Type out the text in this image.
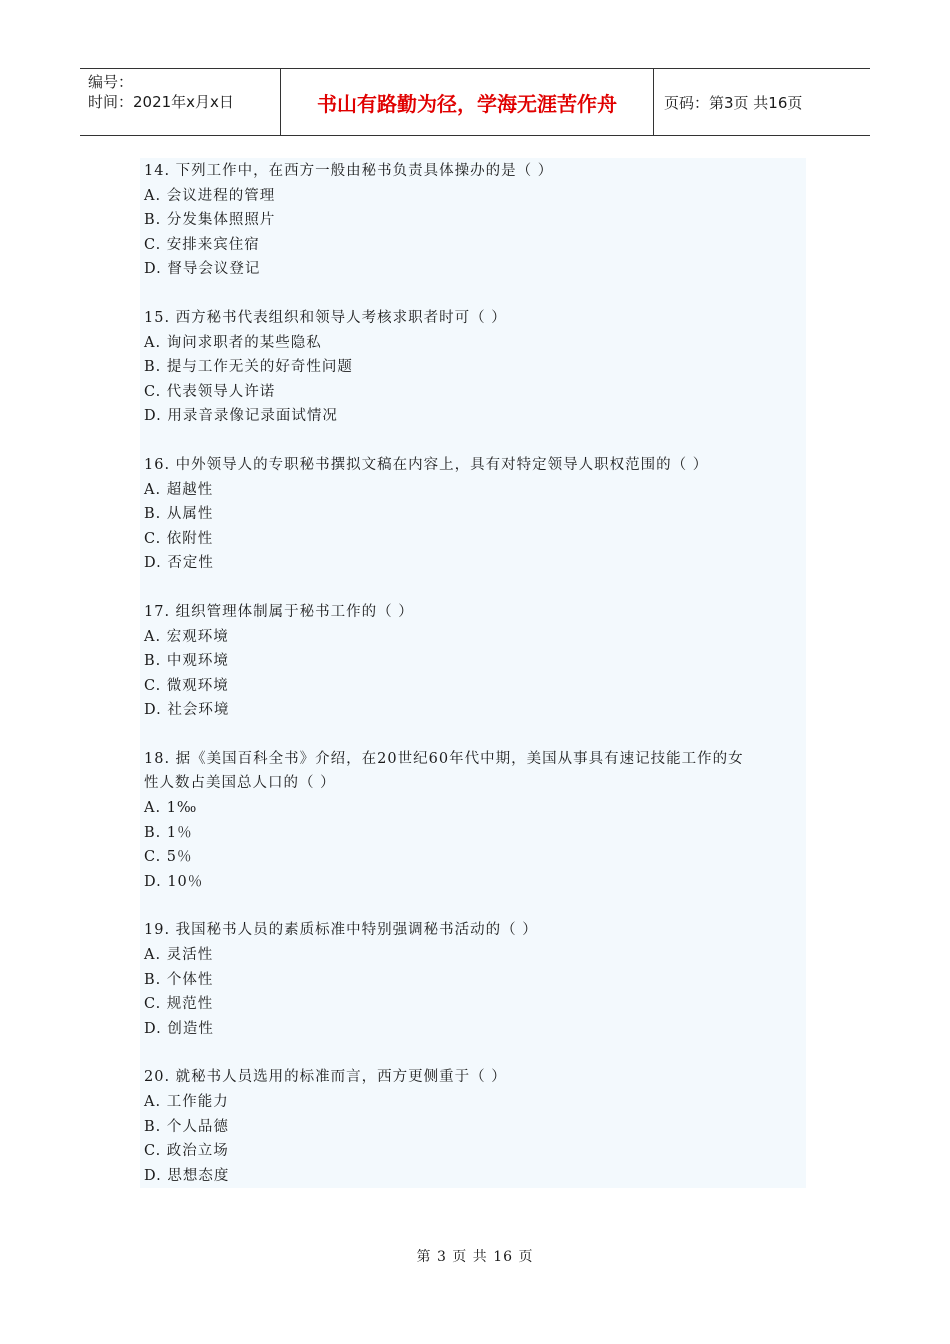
编号：
时间：2021年x月x日	书山有路勤为径，学海无涯苦作舟	页码：第3页 共16页
14. 下列工作中，在西方一般由秘书负责具体操办的是（ ）
A. 会议进程的管理
B. 分发集体照照片
C. 安排来宾住宿
D. 督导会议登记
15. 西方秘书代表组织和领导人考核求职者时可（ ）
A. 询问求职者的某些隐私
B. 提与工作无关的好奇性问题
C. 代表领导人许诺
D. 用录音录像记录面试情况
16. 中外领导人的专职秘书撰拟文稿在内容上，具有对特定领导人职权范围的（ ）
A. 超越性
B. 从属性
C. 依附性
D. 否定性
17. 组织管理体制属于秘书工作的（ ）
A. 宏观环境
B. 中观环境
C. 微观环境
D. 社会环境
18. 据《美国百科全书》介绍，在20世纪60年代中期，美国从事具有速记技能工作的女
性人数占美国总人口的（ ）
A. 1‰
B. 1％
C. 5％
D. 10％
19. 我国秘书人员的素质标准中特别强调秘书活动的（ ）
A. 灵活性
B. 个体性
C. 规范性
D. 创造性
20. 就秘书人员选用的标准而言，西方更侧重于（ ）
A. 工作能力
B. 个人品德
C. 政治立场
D. 思想态度
第 3 页 共 16 页
